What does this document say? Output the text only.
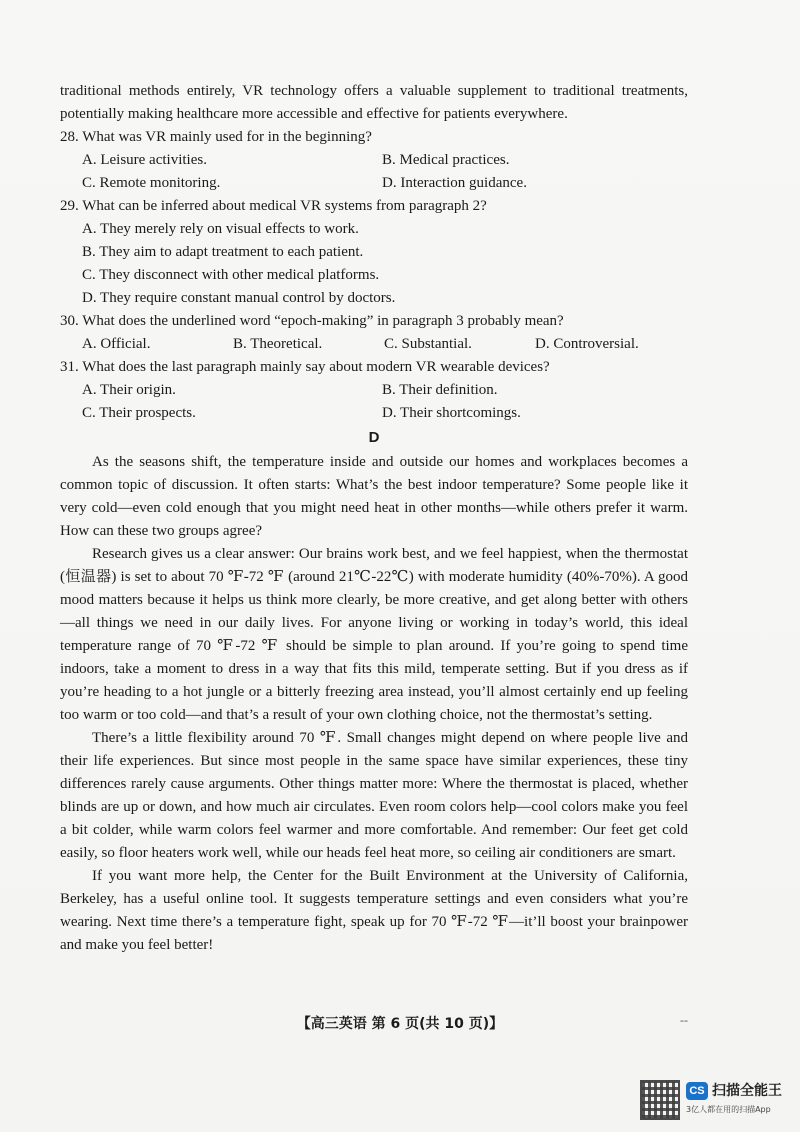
traditional methods entirely, VR technology offers a valuable supplement to traditional treatments, potentially making healthcare more accessible and effective for patients everywhere.

28. What was VR mainly used for in the beginning?

A. Leisure activities.	B. Medical practices.
C. Remote monitoring.	D. Interaction guidance.

29. What can be inferred about medical VR systems from paragraph 2?

A. They merely rely on visual effects to work.

B. They aim to adapt treatment to each patient.

C. They disconnect with other medical platforms.

D. They require constant manual control by doctors.

30. What does the underlined word “epoch-making” in paragraph 3 probably mean?

A. Official.	B. Theoretical.	C. Substantial.	D. Controversial.

31. What does the last paragraph mainly say about modern VR wearable devices?

A. Their origin.	B. Their definition.
C. Their prospects.	D. Their shortcomings.
D

As the seasons shift, the temperature inside and outside our homes and workplaces becomes a common topic of discussion. It often starts: What’s the best indoor temperature? Some people like it very cold—even cold enough that you might need heat in other months—while others prefer it warm. How can these two groups agree?

Research gives us a clear answer: Our brains work best, and we feel happiest, when the thermostat (恒温器) is set to about 70 ℉-72 ℉ (around 21℃-22℃) with moderate humidity (40%-70%). A good mood matters because it helps us think more clearly, be more creative, and get along better with others—all things we need in our daily lives. For anyone living or working in today’s world, this ideal temperature range of 70 ℉-72 ℉ should be simple to plan around. If you’re going to spend time indoors, take a moment to dress in a way that fits this mild, temperate setting. But if you dress as if you’re heading to a hot jungle or a bitterly freezing area instead, you’ll almost certainly end up feeling too warm or too cold—and that’s a result of your own clothing choice, not the thermostat’s setting.

There’s a little flexibility around 70 ℉. Small changes might depend on where people live and their life experiences. But since most people in the same space have similar experiences, these tiny differences rarely cause arguments. Other things matter more: Where the thermostat is placed, whether blinds are up or down, and how much air circulates. Even room colors help—cool colors make you feel a bit colder, while warm colors feel warmer and more comfortable. And remember: Our feet get cold easily, so floor heaters work well, while our heads feel heat more, so ceiling air conditioners are smart.

If you want more help, the Center for the Built Environment at the University of California, Berkeley, has a useful online tool. It suggests temperature settings and even considers what you’re wearing. Next time there’s a temperature fight, speak up for 70 ℉-72 ℉—it’ll boost your brainpower and make you feel better!

【高三英语 第 6 页(共 10 页)】	--
CS 扫描全能王
3亿人都在用的扫描App
